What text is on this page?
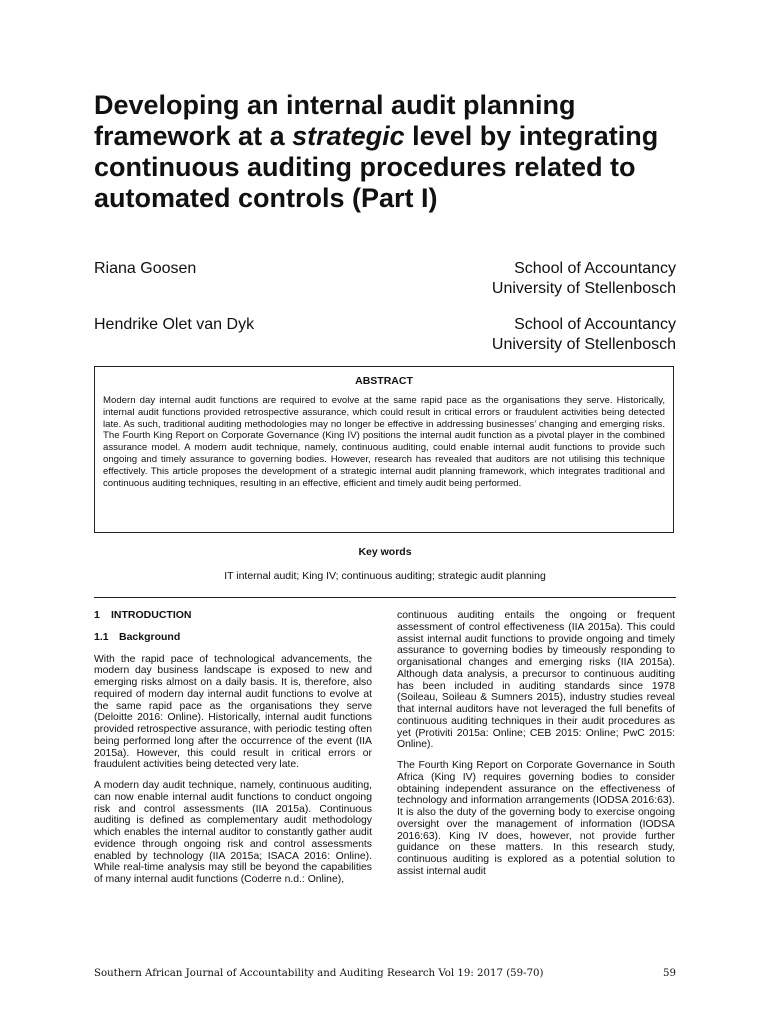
Developing an internal audit planning framework at a strategic level by integrating continuous auditing procedures related to automated controls (Part I)
Riana Goosen	School of Accountancy
University of Stellenbosch
Hendrike Olet van Dyk	School of Accountancy
University of Stellenbosch
ABSTRACT

Modern day internal audit functions are required to evolve at the same rapid pace as the organisations they serve. Historically, internal audit functions provided retrospective assurance, which could result in critical errors or fraudulent activities being detected late. As such, traditional auditing methodologies may no longer be effective in addressing businesses’ changing and emerging risks. The Fourth King Report on Corporate Governance (King IV) positions the internal audit function as a pivotal player in the combined assurance model. A modern audit technique, namely, continuous auditing, could enable internal audit functions to provide such ongoing and timely assurance to governing bodies. However, research has revealed that auditors are not utilising this technique effectively. This article proposes the development of a strategic internal audit planning framework, which integrates traditional and continuous auditing techniques, resulting in an effective, efficient and timely audit being performed.

Key words
IT internal audit; King IV; continuous auditing; strategic audit planning
1 INTRODUCTION
1.1 Background

With the rapid pace of technological advancements, the modern day business landscape is exposed to new and emerging risks almost on a daily basis. It is, therefore, also required of modern day internal audit functions to evolve at the same rapid pace as the organisations they serve (Deloitte 2016: Online). Historically, internal audit functions provided retrospective assurance, with periodic testing often being performed long after the occurrence of the event (IIA 2015a). However, this could result in critical errors or fraudulent activities being detected very late.

A modern day audit technique, namely, continuous auditing, can now enable internal audit functions to conduct ongoing risk and control assessments (IIA 2015a). Continuous auditing is defined as complementary audit methodology which enables the internal auditor to constantly gather audit evidence through ongoing risk and control assessments enabled by technology (IIA 2015a; ISACA 2016: Online). While real-time analysis may still be beyond the capabilities of many internal audit functions (Coderre n.d.: Online),

continuous auditing entails the ongoing or frequent assessment of control effectiveness (IIA 2015a). This could assist internal audit functions to provide ongoing and timely assurance to governing bodies by timeously responding to organisational changes and emerging risks (IIA 2015a). Although data analysis, a precursor to continuous auditing has been included in auditing standards since 1978 (Soileau, Soileau & Sumners 2015), industry studies reveal that internal auditors have not leveraged the full benefits of continuous auditing techniques in their audit procedures as yet (Protiviti 2015a: Online; CEB 2015: Online; PwC 2015: Online).

The Fourth King Report on Corporate Governance in South Africa (King IV) requires governing bodies to consider obtaining independent assurance on the effectiveness of technology and information arrangements (IODSA 2016:63). It is also the duty of the governing body to exercise ongoing oversight over the management of information (IODSA 2016:63). King IV does, however, not provide further guidance on these matters. In this research study, continuous auditing is explored as a potential solution to assist internal audit

Southern African Journal of Accountability and Auditing Research Vol 19: 2017 (59-70)	59
